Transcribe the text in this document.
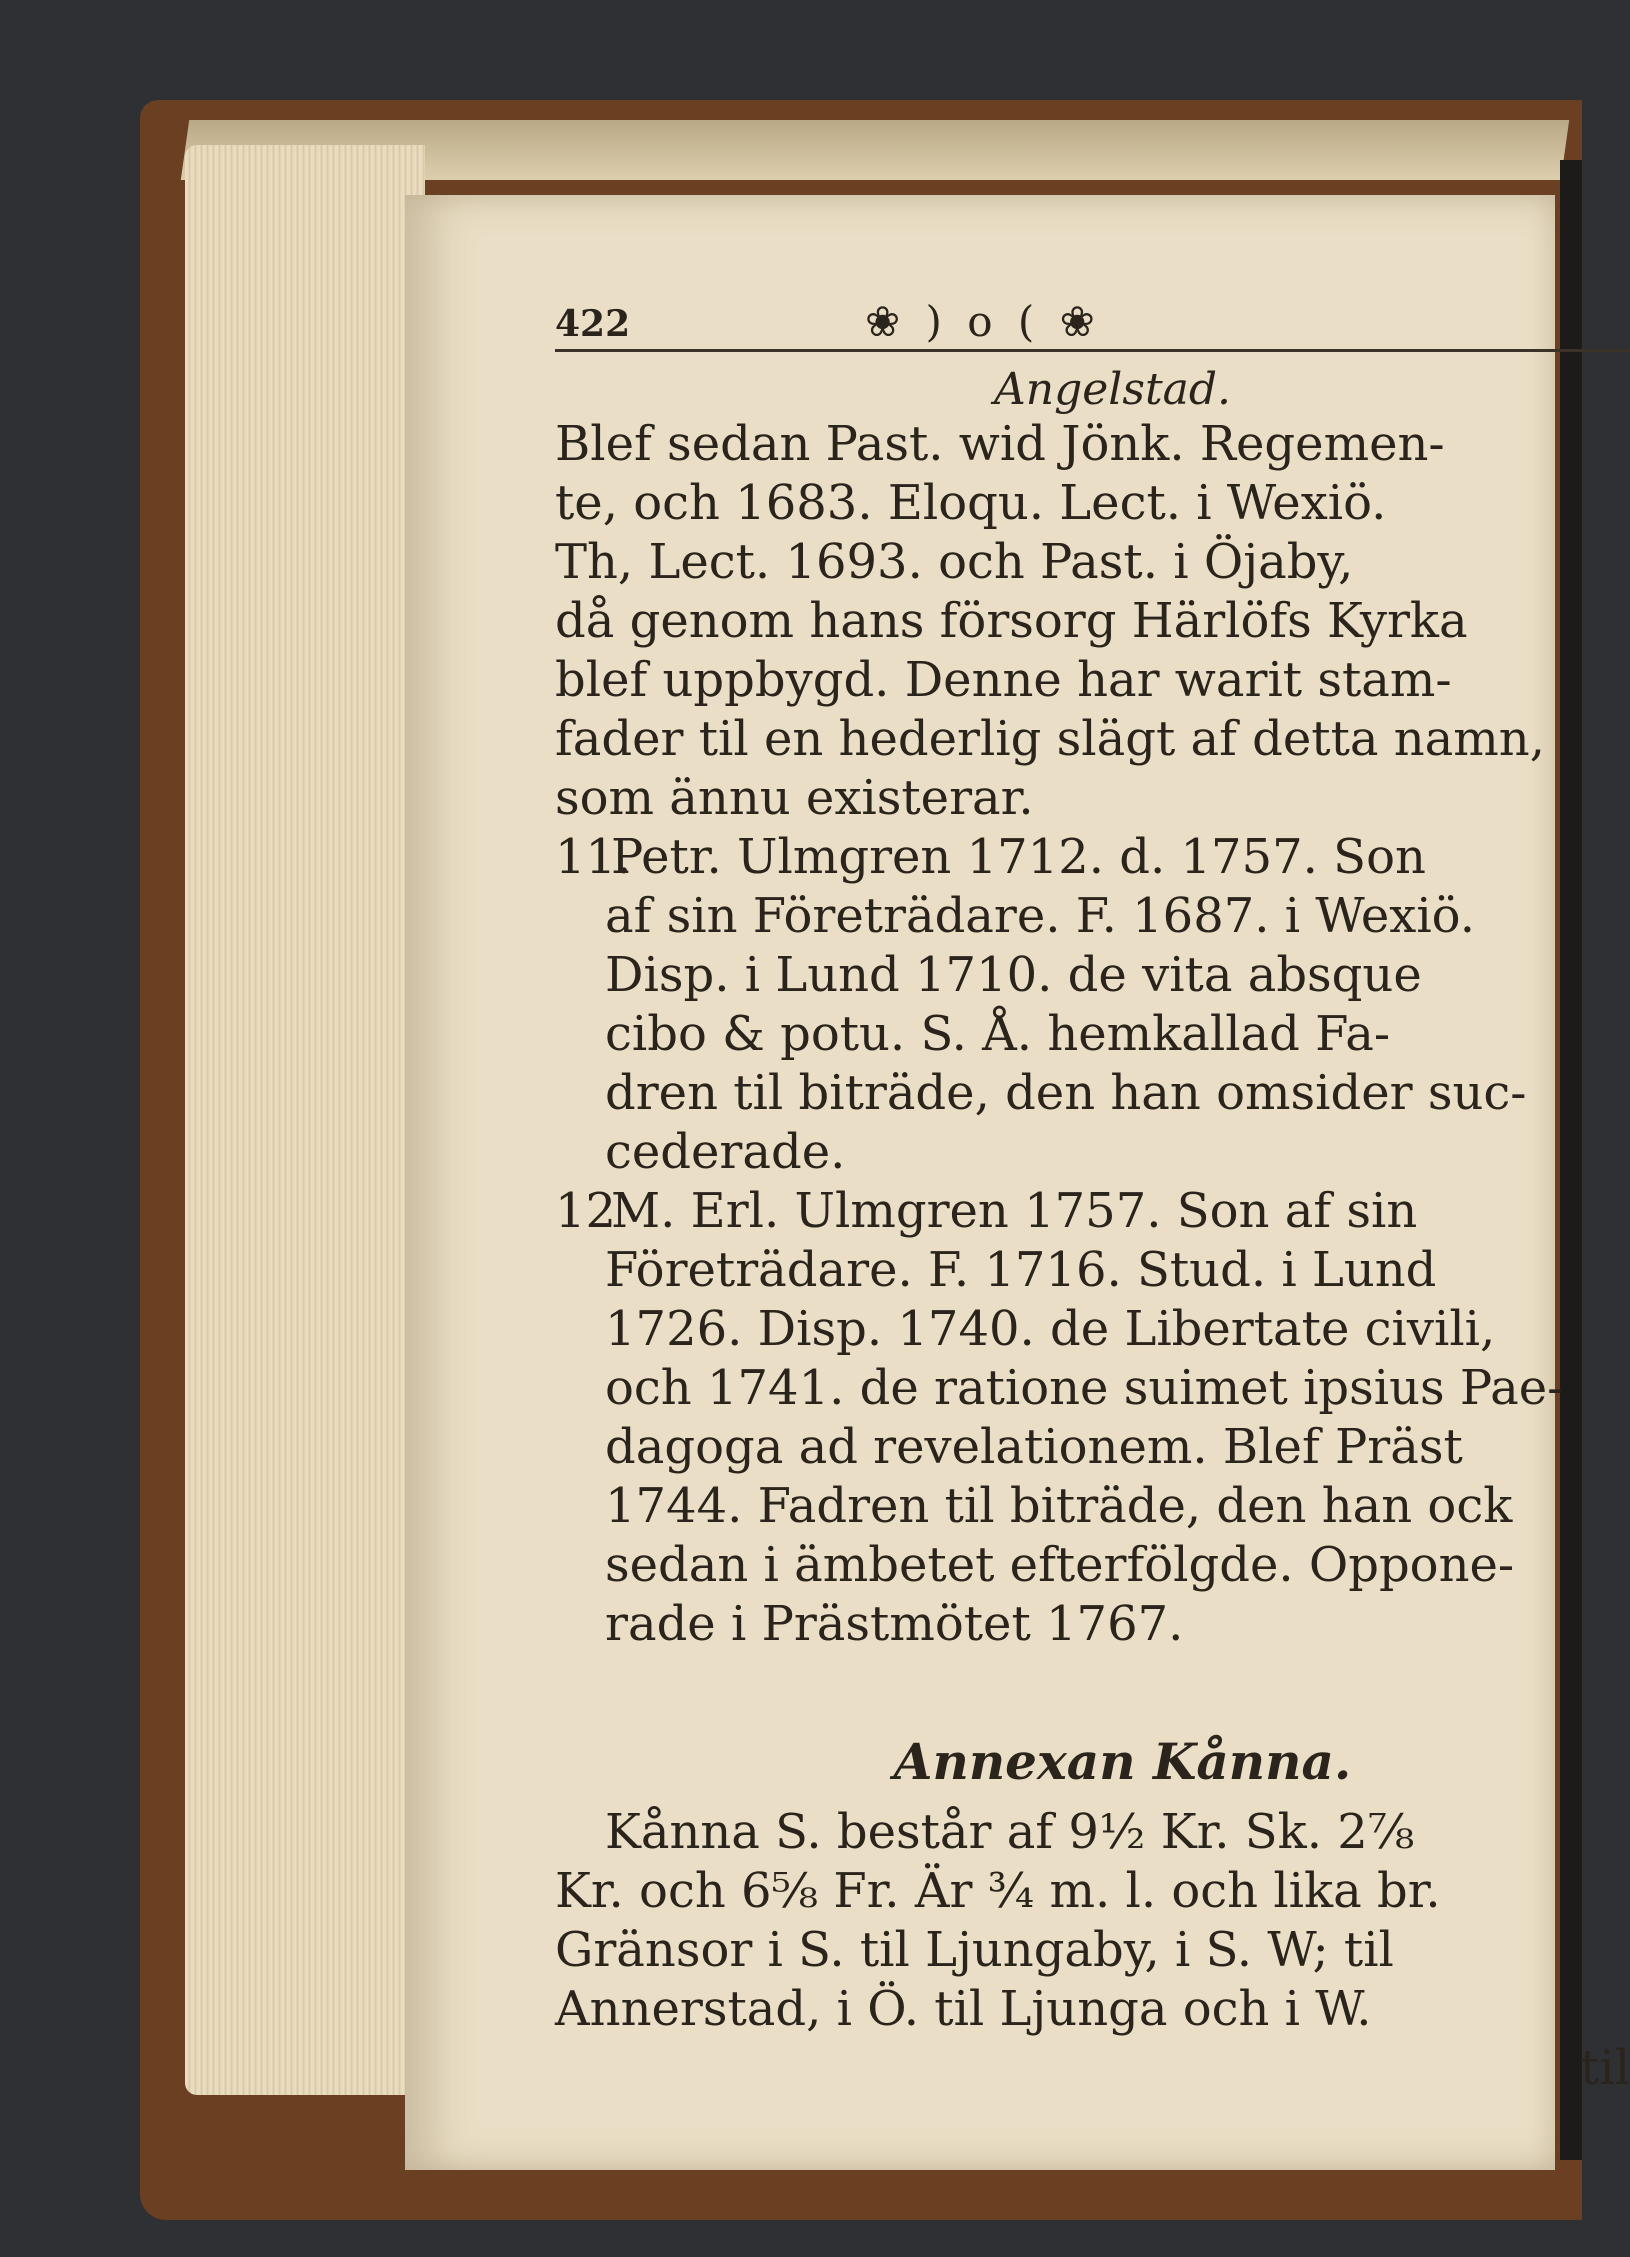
422	❀ ) o ( ❀
Angelstad.
Blef sedan Past. wid Jönk. Regemen-
te, och 1683. Eloqu. Lect. i Wexiö.
Th, Lect. 1693. och Past. i Öjaby,
då genom hans försorg Härlöfs Kyrka
blef uppbygd. Denne har warit stam-
fader til en hederlig slägt af detta namn,
som ännu existerar.
11.Petr. Ulmgren 1712. d. 1757. Son
af sin Företrädare. F. 1687. i Wexiö.
Disp. i Lund 1710. de vita absque
cibo & potu. S. Å. hemkallad Fa-
dren til biträde, den han omsider suc-
cederade.
12M. Erl. Ulmgren 1757. Son af sin
Företrädare. F. 1716. Stud. i Lund
1726. Disp. 1740. de Libertate civili,
och 1741. de ratione suimet ipsius Pae-
dagoga ad revelationem. Blef Präst
1744. Fadren til biträde, den han ock
sedan i ämbetet efterfölgde. Oppone-
rade i Prästmötet 1767.
Annexan Kånna.
Kånna S. består af 9½ Kr. Sk. 2⅞
Kr. och 6⅝ Fr. Är ¾ m. l. och lika br.
Gränsor i S. til Ljungaby, i S. W; til
Annerstad, i Ö. til Ljunga och i W.
til
